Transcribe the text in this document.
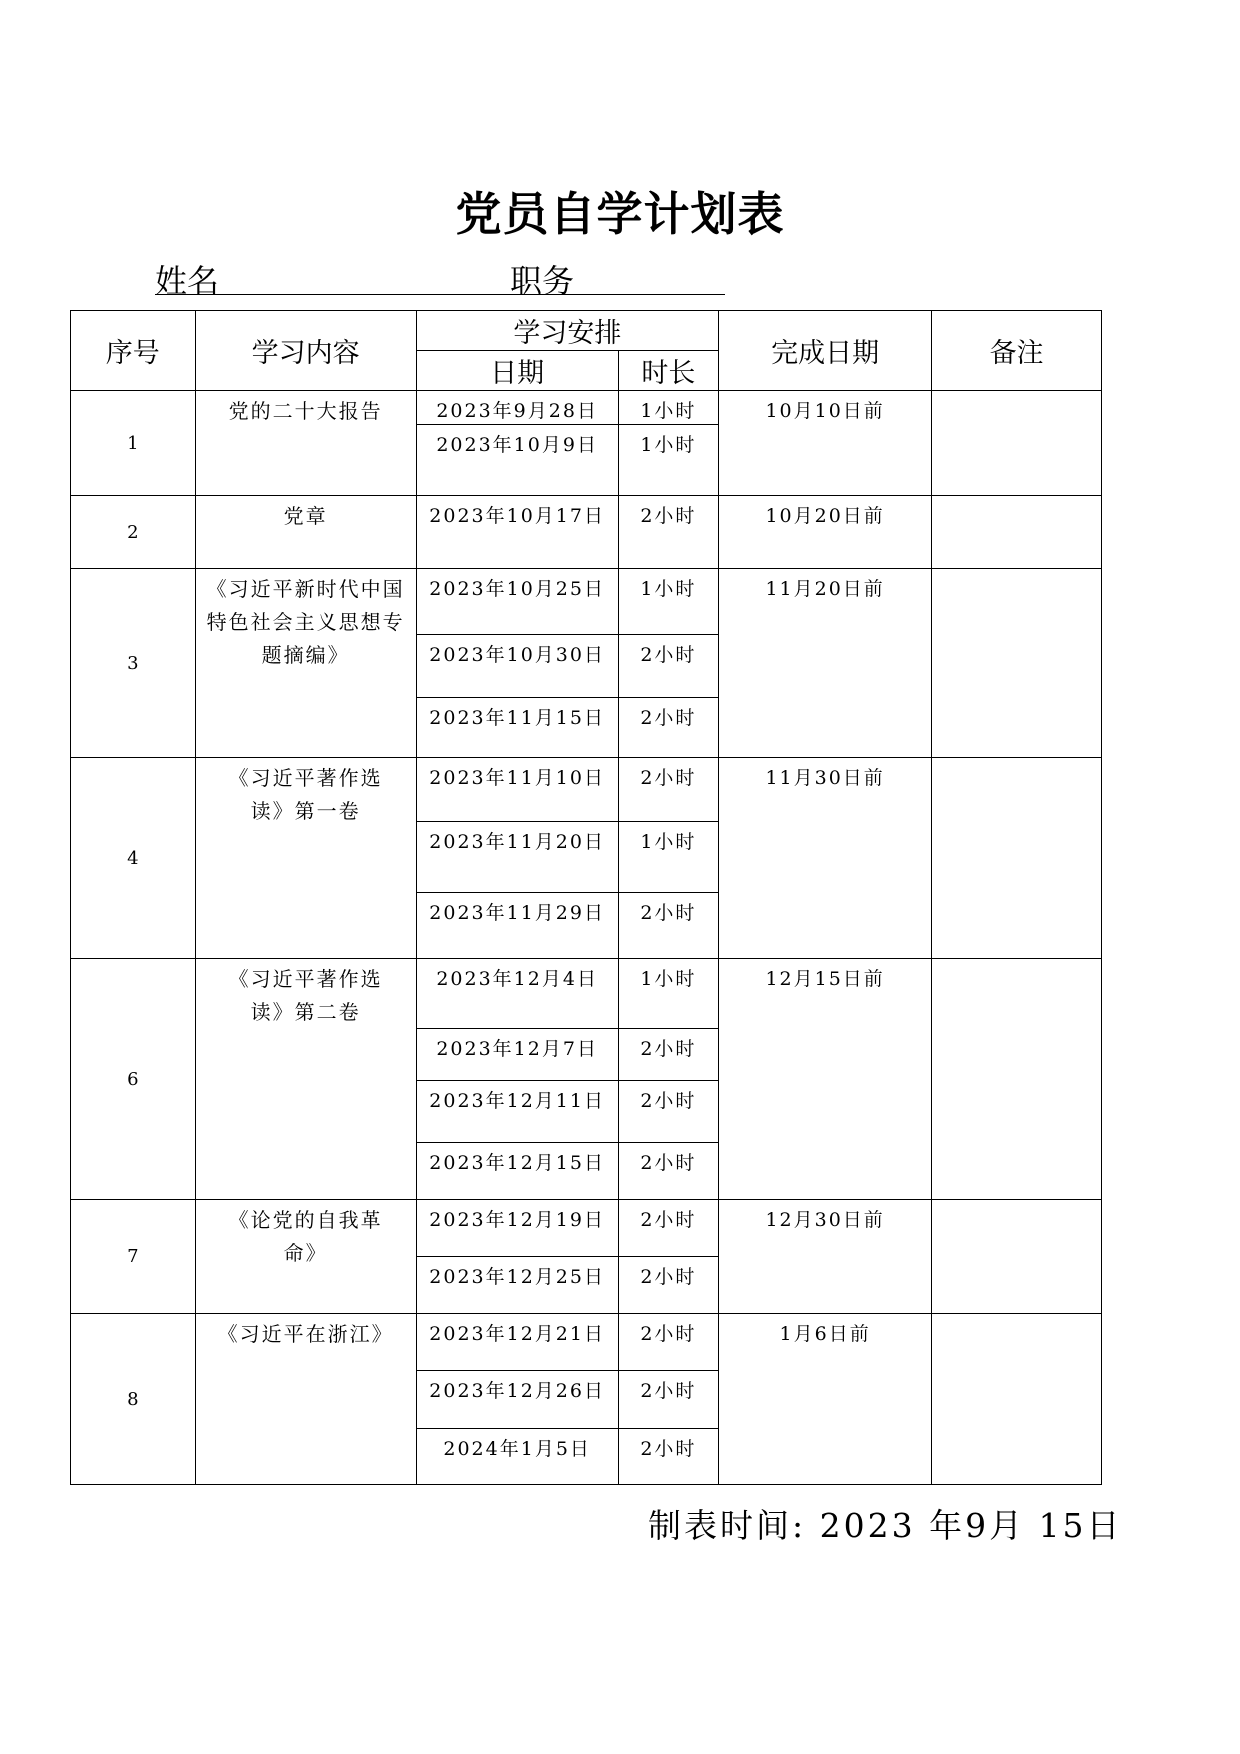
党员自学计划表
姓名	职务
序号	学习内容	学习安排		完成日期	备注
		日期	时长		
1	党的二十大报告	2023年9月28日	1小时	10月10日前	
		2023年10月9日	1小时		
2	党章	2023年10月17日	2小时	10月20日前	
3	《习近平新时代中国特色社会主义思想专题摘编》	2023年10月25日	1小时	11月20日前	
		2023年10月30日	2小时		
		2023年11月15日	2小时		
4	《习近平著作选读》第一卷	2023年11月10日	2小时	11月30日前	
		2023年11月20日	1小时		
		2023年11月29日	2小时		
6	《习近平著作选读》第二卷	2023年12月4日	1小时	12月15日前	
		2023年12月7日	2小时		
		2023年12月11日	2小时		
		2023年12月15日	2小时		
7	《论党的自我革命》	2023年12月19日	2小时	12月30日前	
		2023年12月25日	2小时		
8	《习近平在浙江》	2023年12月21日	2小时	1月6日前	
		2023年12月26日	2小时		
		2024年1月5日	2小时		
制表时间: 2023 年9月 15日
